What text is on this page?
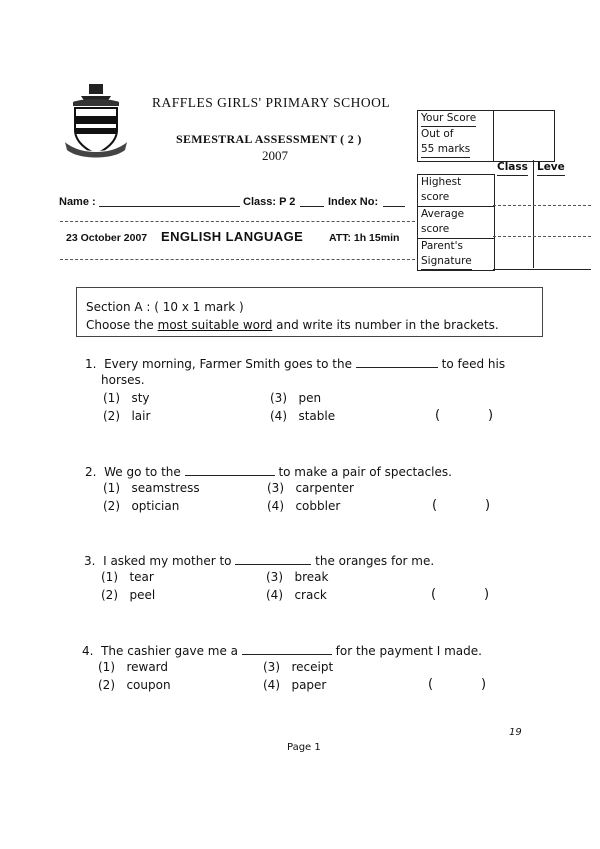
RAFFLES GIRLS' PRIMARY SCHOOL
SEMESTRAL ASSESSMENT ( 2 )
2007
Your Score
Out of
55 marks
Class Leve
Highest
score
Average
score
Parent's
Signature
Name :	Class: P 2	Index No:
23 October 2007 ENGLISH LANGUAGE ATT: 1h 15min
Section A : ( 10 x 1 mark )
Choose the most suitable word and write its number in the brackets.
1. Every morning, Farmer Smith goes to the	to feed his
horses.
(1) sty
(2) lair
(3) pen
(4) stable	(	)
2. We go to the	to make a pair of spectacles.
(1) seamstress
(2) optician
(3) carpenter
(4) cobbler	(	)
3. I asked my mother to	the oranges for me.
(1) tear
(2) peel
(3) break
(4) crack	(	)
4. The cashier gave me a	for the payment I made.
(1) reward
(2) coupon
(3) receipt
(4) paper	(	)
19
Page 1
